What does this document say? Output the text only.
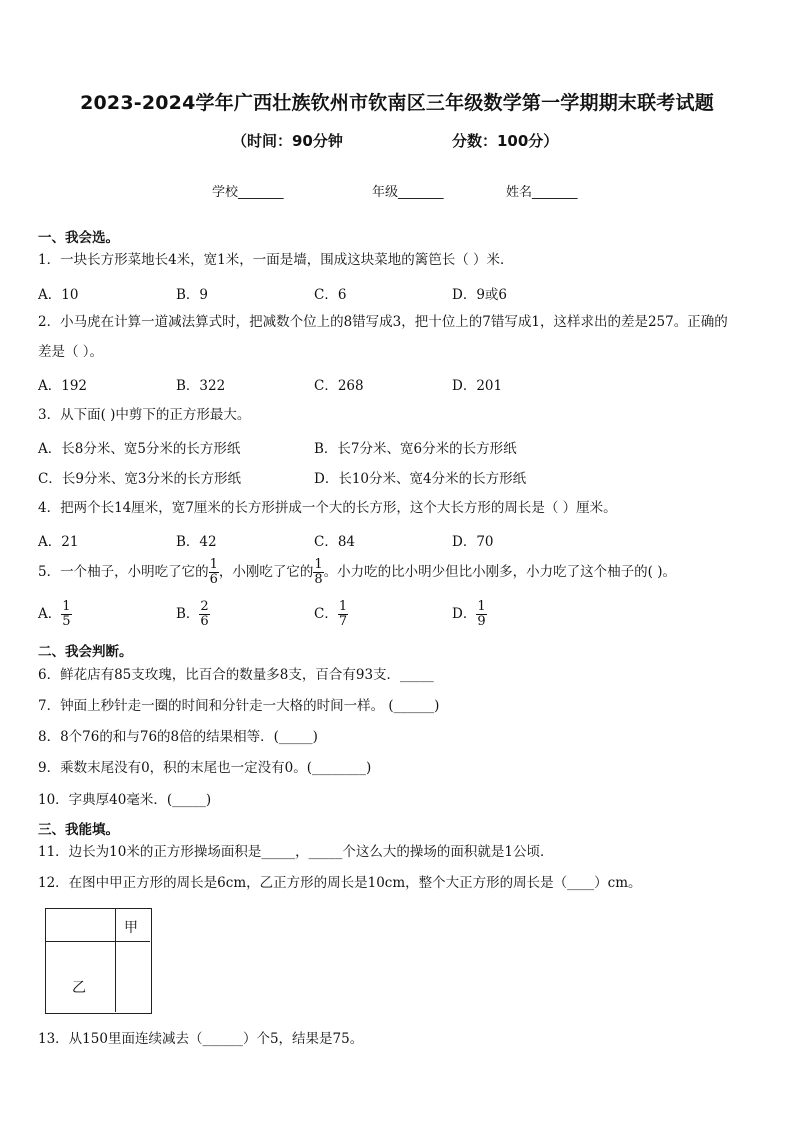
2023-2024学年广西壮族钦州市钦南区三年级数学第一学期期末联考试题
（时间：90分钟	分数：100分）
学校_______	年级_______	姓名_______
一、我会选。
1．一块长方形菜地长4米，宽1米，一面是墙，围成这块菜地的篱笆长（ ）米．
A．10	B．9	C．6	D．9或6
2．小马虎在计算一道减法算式时，把减数个位上的8错写成3，把十位上的7错写成1，这样求出的差是257。正确的
差是（ ）。
A．192	B．322	C．268	D．201
3．从下面( )中剪下的正方形最大。
A．长8分米、宽5分米的长方形纸	B．长7分米、宽6分米的长方形纸
C．长9分米、宽3分米的长方形纸	D．长10分米、宽4分米的长方形纸
4．把两个长14厘米，宽7厘米的长方形拼成一个大的长方形，这个大长方形的周长是（ ）厘米。
A．21	B．42	C．84	D．70
5．一个柚子，小明吃了它的 $\frac{1}{6}$ ，小刚吃了它的 $\frac{1}{8}$ 。小力吃的比小明少但比小刚多，小力吃了这个柚子的( )。
A． $\frac{1}{5}$	B． $\frac{2}{6}$	C． $\frac{1}{7}$	D． $\frac{1}{9}$
二、我会判断。
6．鲜花店有85支玫瑰，比百合的数量多8支，百合有93支．_____
7．钟面上秒针走一圈的时间和分针走一大格的时间一样。 (______)
8．8个76的和与76的8倍的结果相等．(_____)
9．乘数末尾没有0，积的末尾也一定没有0。(________)
10．字典厚40毫米．(_____)
三、我能填。
11．边长为10米的正方形操场面积是_____，_____个这么大的操场的面积就是1公顷．
12．在图中甲正方形的周长是6cm，乙正方形的周长是10cm，整个大正方形的周长是（____）cm。
甲
乙
13．从150里面连续减去（______）个5，结果是75。
